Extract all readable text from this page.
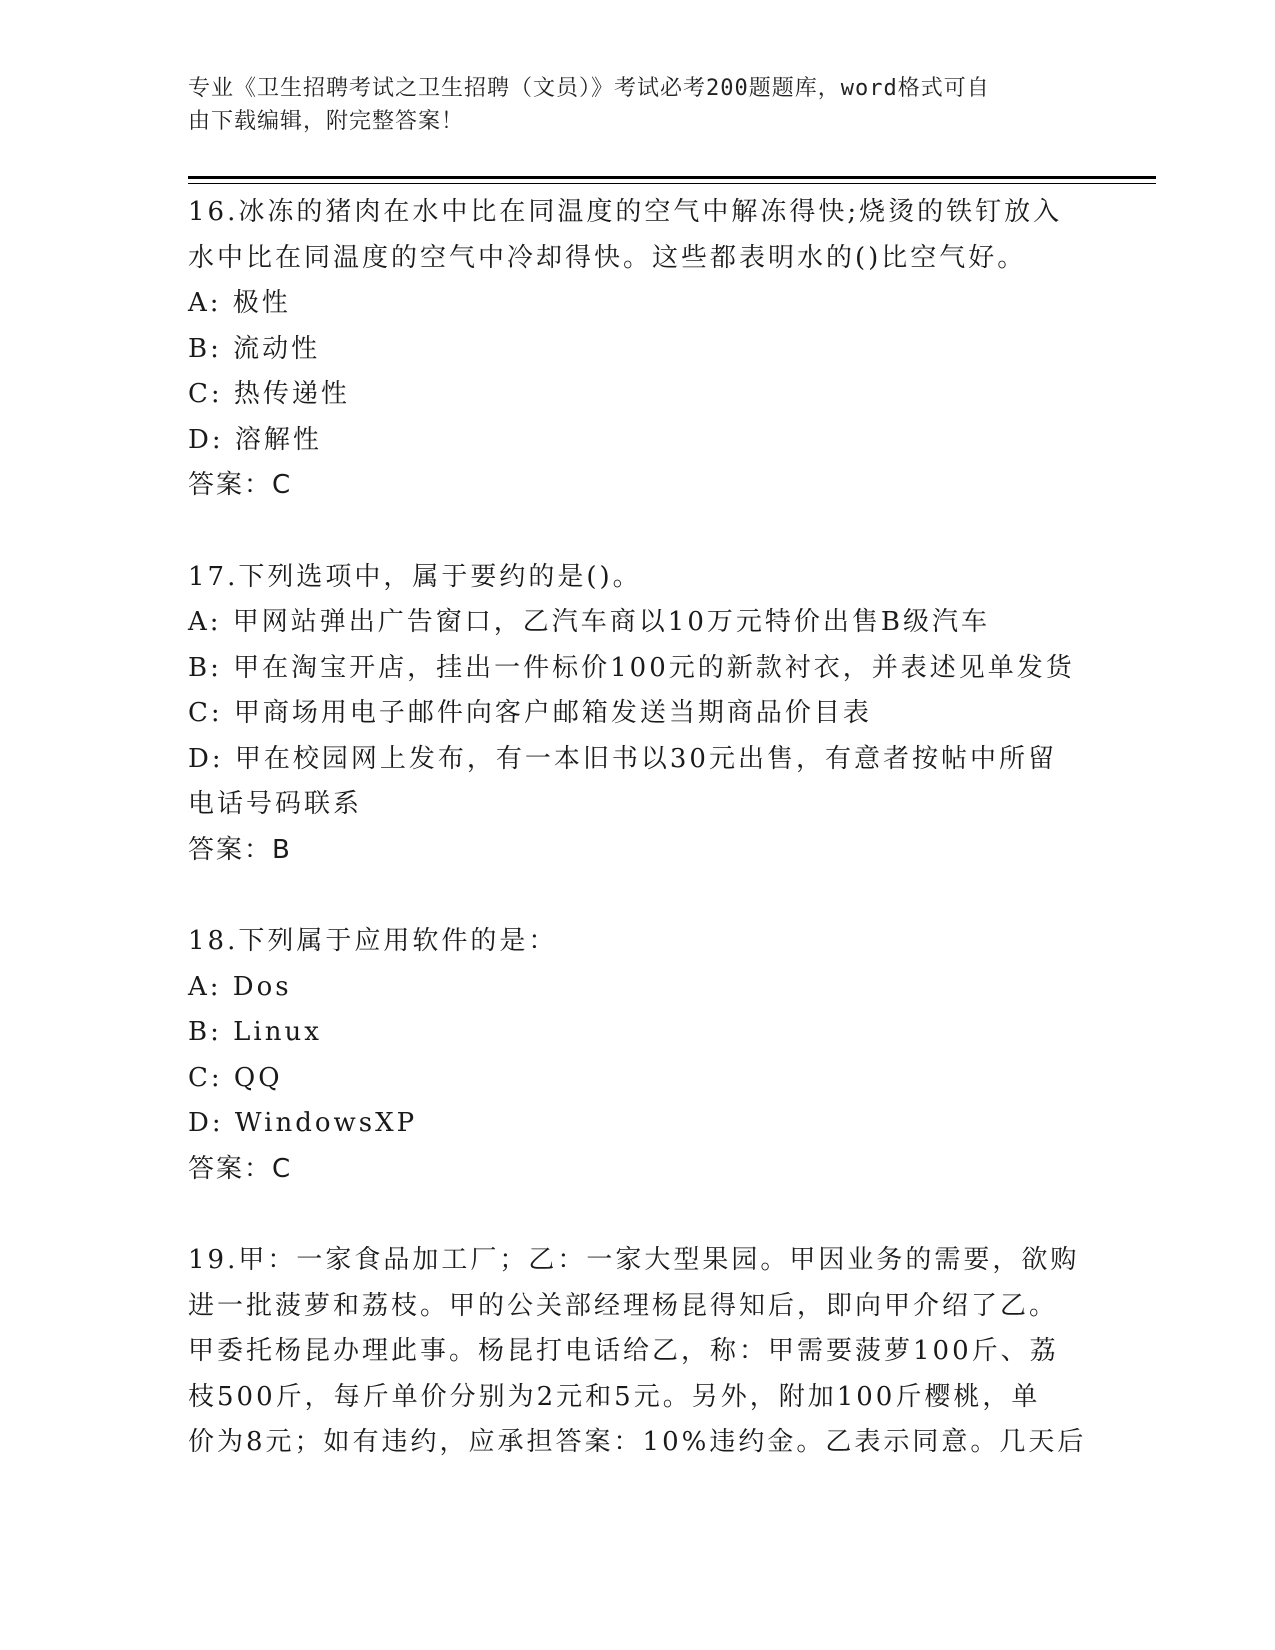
专业《卫生招聘考试之卫生招聘（文员）》考试必考200题题库，word格式可自
由下载编辑，附完整答案！
16.冰冻的猪肉在水中比在同温度的空气中解冻得快;烧烫的铁钉放入
水中比在同温度的空气中冷却得快。这些都表明水的()比空气好。
A: 极性
B: 流动性
C: 热传递性
D: 溶解性
答案：C
17.下列选项中，属于要约的是()。
A: 甲网站弹出广告窗口，乙汽车商以10万元特价出售B级汽车
B: 甲在淘宝开店，挂出一件标价100元的新款衬衣，并表述见单发货
C: 甲商场用电子邮件向客户邮箱发送当期商品价目表
D: 甲在校园网上发布，有一本旧书以30元出售，有意者按帖中所留
电话号码联系
答案：B
18.下列属于应用软件的是：
A: Dos
B: Linux
C: QQ
D: WindowsXP
答案：C
19.甲：一家食品加工厂；乙：一家大型果园。甲因业务的需要，欲购
进一批菠萝和荔枝。甲的公关部经理杨昆得知后，即向甲介绍了乙。
甲委托杨昆办理此事。杨昆打电话给乙，称：甲需要菠萝100斤、荔
枝500斤，每斤单价分别为2元和5元。另外，附加100斤樱桃，单
价为8元；如有违约，应承担答案：10%违约金。乙表示同意。几天后
